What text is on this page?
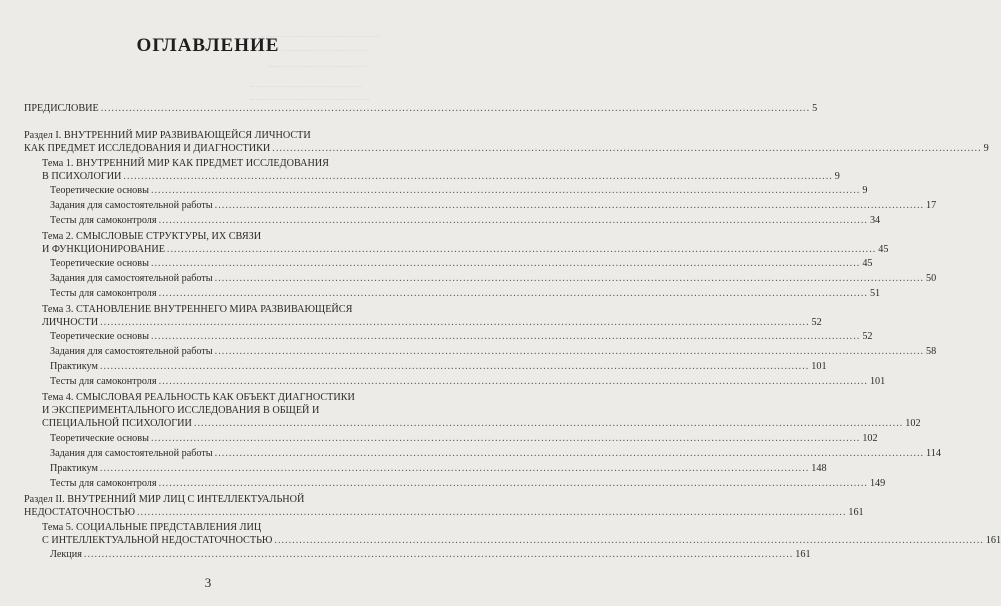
…………………………………………
…………………………………
…………………………………
………………………………………
…………………………………………
ОГЛАВЛЕНИЕ
ПРЕДИСЛОВИЕ ........................................................................................................................................................................................................ 5
Раздел I. ВНУТРЕННИЙ МИР РАЗВИВАЮЩЕЙСЯ ЛИЧНОСТИ
КАК ПРЕДМЕТ ИССЛЕДОВАНИЯ И ДИАГНОСТИКИ ........................................................................................................................................................................................................ 9
Тема 1. ВНУТРЕННИЙ МИР КАК ПРЕДМЕТ ИССЛЕДОВАНИЯ
В ПСИХОЛОГИИ ........................................................................................................................................................................................................ 9
Теоретические основы ........................................................................................................................................................................................................ 9
Задания для самостоятельной работы ........................................................................................................................................................................................................ 17
Тесты для самоконтроля ........................................................................................................................................................................................................ 34
Тема 2. СМЫСЛОВЫЕ СТРУКТУРЫ, ИХ СВЯЗИ
И ФУНКЦИОНИРОВАНИЕ ........................................................................................................................................................................................................ 45
Теоретические основы ........................................................................................................................................................................................................ 45
Задания для самостоятельной работы ........................................................................................................................................................................................................ 50
Тесты для самоконтроля ........................................................................................................................................................................................................ 51
Тема 3. СТАНОВЛЕНИЕ ВНУТРЕННЕГО МИРА РАЗВИВАЮЩЕЙСЯ
ЛИЧНОСТИ ........................................................................................................................................................................................................ 52
Теоретические основы ........................................................................................................................................................................................................ 52
Задания для самостоятельной работы ........................................................................................................................................................................................................ 58
Практикум ........................................................................................................................................................................................................ 101
Тесты для самоконтроля ........................................................................................................................................................................................................ 101
Тема 4. СМЫСЛОВАЯ РЕАЛЬНОСТЬ КАК ОБЪЕКТ ДИАГНОСТИКИ
И ЭКСПЕРИМЕНТАЛЬНОГО ИССЛЕДОВАНИЯ В ОБЩЕЙ И
СПЕЦИАЛЬНОЙ ПСИХОЛОГИИ ........................................................................................................................................................................................................ 102
Теоретические основы ........................................................................................................................................................................................................ 102
Задания для самостоятельной работы ........................................................................................................................................................................................................ 114
Практикум ........................................................................................................................................................................................................ 148
Тесты для самоконтроля ........................................................................................................................................................................................................ 149
Раздел II. ВНУТРЕННИЙ МИР ЛИЦ С ИНТЕЛЛЕКТУАЛЬНОЙ
НЕДОСТАТОЧНОСТЬЮ ........................................................................................................................................................................................................ 161
Тема 5. СОЦИАЛЬНЫЕ ПРЕДСТАВЛЕНИЯ ЛИЦ
С ИНТЕЛЛЕКТУАЛЬНОЙ НЕДОСТАТОЧНОСТЬЮ ........................................................................................................................................................................................................ 161
Лекция ........................................................................................................................................................................................................ 161
3
